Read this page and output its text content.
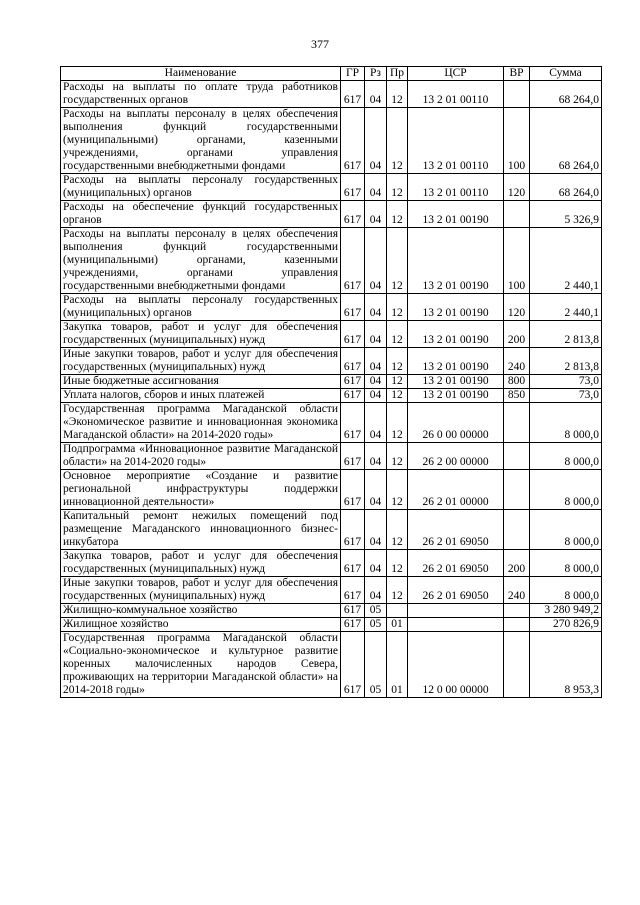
377
Наименование	ГР	Рз	Пр	ЦСР	ВР	Сумма
Расходы на выплаты по оплате труда работников государственных органов	617	04	12	13 2 01 00110		68 264,0
Расходы на выплаты персоналу в целях обеспечения выполнения функций государственными (муниципальными) органами, казенными учреждениями, органами управления государственными внебюджетными фондами	617	04	12	13 2 01 00110	100	68 264,0
Расходы на выплаты персоналу государственных (муниципальных) органов	617	04	12	13 2 01 00110	120	68 264,0
Расходы на обеспечение функций государственных органов	617	04	12	13 2 01 00190		5 326,9
Расходы на выплаты персоналу в целях обеспечения выполнения функций государственными (муниципальными) органами, казенными учреждениями, органами управления государственными внебюджетными фондами	617	04	12	13 2 01 00190	100	2 440,1
Расходы на выплаты персоналу государственных (муниципальных) органов	617	04	12	13 2 01 00190	120	2 440,1
Закупка товаров, работ и услуг для обеспечения государственных (муниципальных) нужд	617	04	12	13 2 01 00190	200	2 813,8
Иные закупки товаров, работ и услуг для обеспечения государственных (муниципальных) нужд	617	04	12	13 2 01 00190	240	2 813,8
Иные бюджетные ассигнования	617	04	12	13 2 01 00190	800	73,0
Уплата налогов, сборов и иных платежей	617	04	12	13 2 01 00190	850	73,0
Государственная программа Магаданской области «Экономическое развитие и инновационная экономика Магаданской области» на 2014-2020 годы»	617	04	12	26 0 00 00000		8 000,0
Подпрограмма «Инновационное развитие Магаданской области» на 2014-2020 годы»	617	04	12	26 2 00 00000		8 000,0
Основное мероприятие «Создание и развитие региональной инфраструктуры поддержки инновационной деятельности»	617	04	12	26 2 01 00000		8 000,0
Капитальный ремонт нежилых помещений под размещение Магаданского инновационного бизнес-инкубатора	617	04	12	26 2 01 69050		8 000,0
Закупка товаров, работ и услуг для обеспечения государственных (муниципальных) нужд	617	04	12	26 2 01 69050	200	8 000,0
Иные закупки товаров, работ и услуг для обеспечения государственных (муниципальных) нужд	617	04	12	26 2 01 69050	240	8 000,0
Жилищно-коммунальное хозяйство	617	05				3 280 949,2
Жилищное хозяйство	617	05	01			270 826,9
Государственная программа Магаданской области «Социально-экономическое и культурное развитие коренных малочисленных народов Севера, проживающих на территории Магаданской области» на 2014-2018 годы»	617	05	01	12 0 00 00000		8 953,3
